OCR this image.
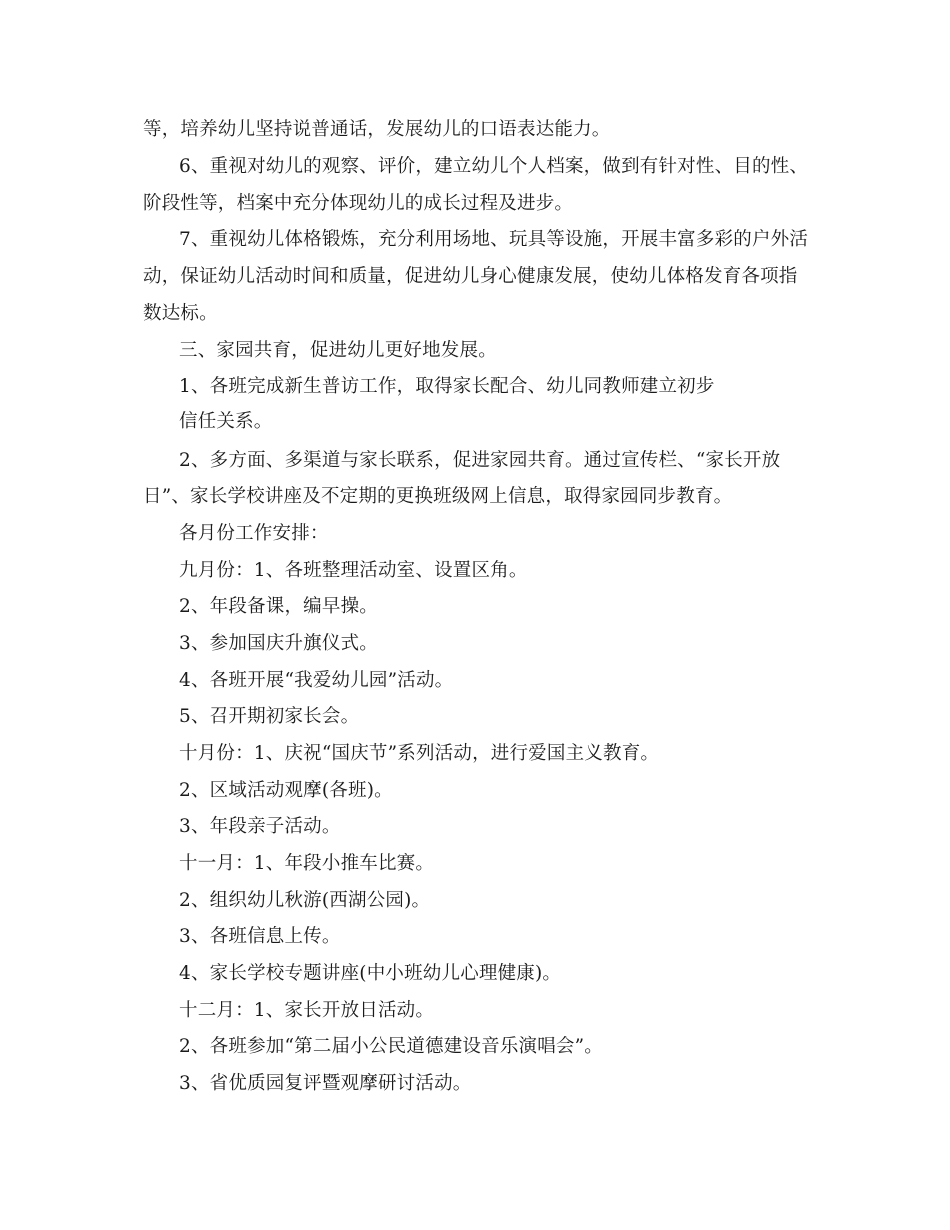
等，培养幼儿坚持说普通话，发展幼儿的口语表达能力。
6、重视对幼儿的观察、评价，建立幼儿个人档案，做到有针对性、目的性、
阶段性等，档案中充分体现幼儿的成长过程及进步。
7、重视幼儿体格锻炼，充分利用场地、玩具等设施，开展丰富多彩的户外活
动，保证幼儿活动时间和质量，促进幼儿身心健康发展，使幼儿体格发育各项指
数达标。
三、家园共育，促进幼儿更好地发展。
1、各班完成新生普访工作，取得家长配合、幼儿同教师建立初步
信任关系。
2、多方面、多渠道与家长联系，促进家园共育。通过宣传栏、“家长开放
日”、家长学校讲座及不定期的更换班级网上信息，取得家园同步教育。
各月份工作安排：
九月份：1、各班整理活动室、设置区角。
2、年段备课，编早操。
3、参加国庆升旗仪式。
4、各班开展“我爱幼儿园”活动。
5、召开期初家长会。
十月份：1、庆祝“国庆节”系列活动，进行爱国主义教育。
2、区域活动观摩(各班)。
3、年段亲子活动。
十一月：1、年段小推车比赛。
2、组织幼儿秋游(西湖公园)。
3、各班信息上传。
4、家长学校专题讲座(中小班幼儿心理健康)。
十二月：1、家长开放日活动。
2、各班参加“第二届小公民道德建设音乐演唱会”。
3、省优质园复评暨观摩研讨活动。
